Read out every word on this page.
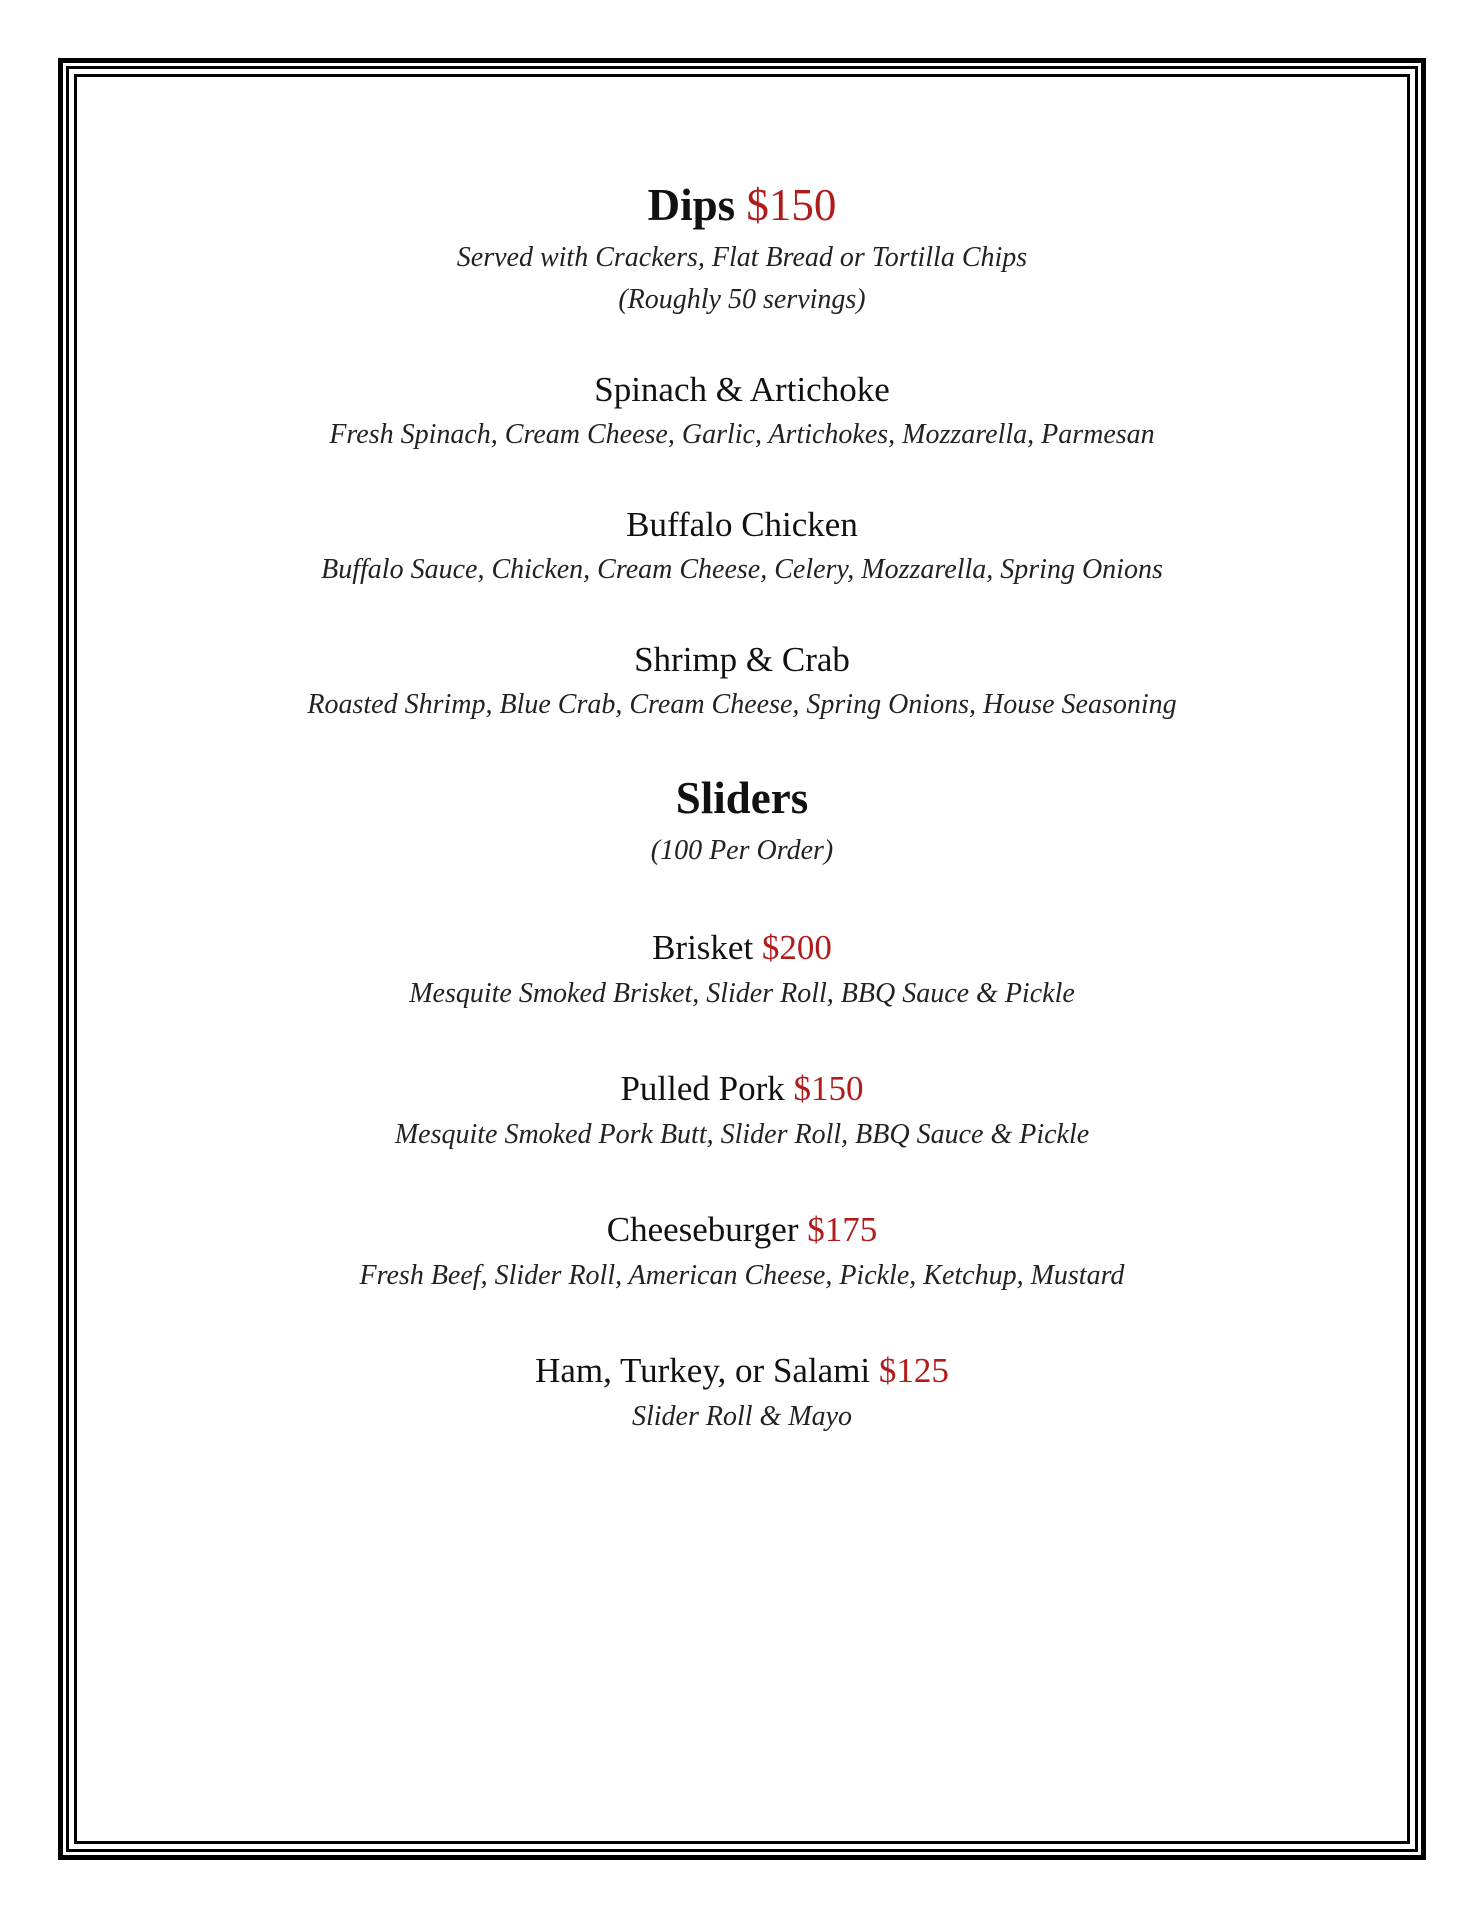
Dips $150
Served with Crackers, Flat Bread or Tortilla Chips
(Roughly 50 servings)
Spinach & Artichoke
Fresh Spinach, Cream Cheese, Garlic, Artichokes, Mozzarella, Parmesan
Buffalo Chicken
Buffalo Sauce, Chicken, Cream Cheese, Celery, Mozzarella, Spring Onions
Shrimp & Crab
Roasted Shrimp, Blue Crab, Cream Cheese, Spring Onions, House Seasoning
Sliders
(100 Per Order)
Brisket $200
Mesquite Smoked Brisket, Slider Roll, BBQ Sauce & Pickle
Pulled Pork $150
Mesquite Smoked Pork Butt, Slider Roll, BBQ Sauce & Pickle
Cheeseburger $175
Fresh Beef, Slider Roll, American Cheese, Pickle, Ketchup, Mustard
Ham, Turkey, or Salami $125
Slider Roll & Mayo
